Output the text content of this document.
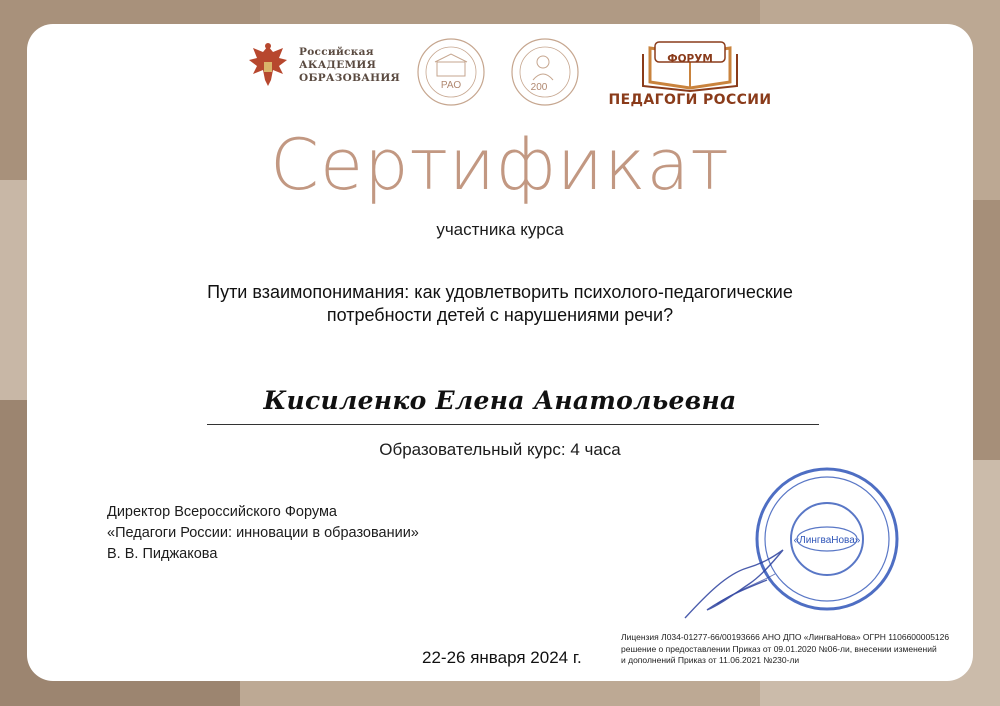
Российская
АКАДЕМИЯ
ОБРАЗОВАНИЯ
РАО	200
ФОРУМ
ПЕДАГОГИ РОССИИ
Сертификат
участника курса
Пути взаимопонимания: как удовлетворить психолого-педагогические
потребности детей с нарушениями речи?
Кисиленко Елена Анатольевна
Образовательный курс: 4 часа
Директор Всероссийского Форума
«Педагоги России: инновации в образовании»
В. В. Пиджакова
«ЛингваНова»
22-26 января 2024 г.
Лицензия Л034-01277-66/00193666 АНО ДПО «ЛингваНова» ОГРН 1106600005126
решение о предоставлении Приказ от 09.01.2020 №06-ли, внесении изменений
и дополнений Приказ от 11.06.2021 №230-ли
